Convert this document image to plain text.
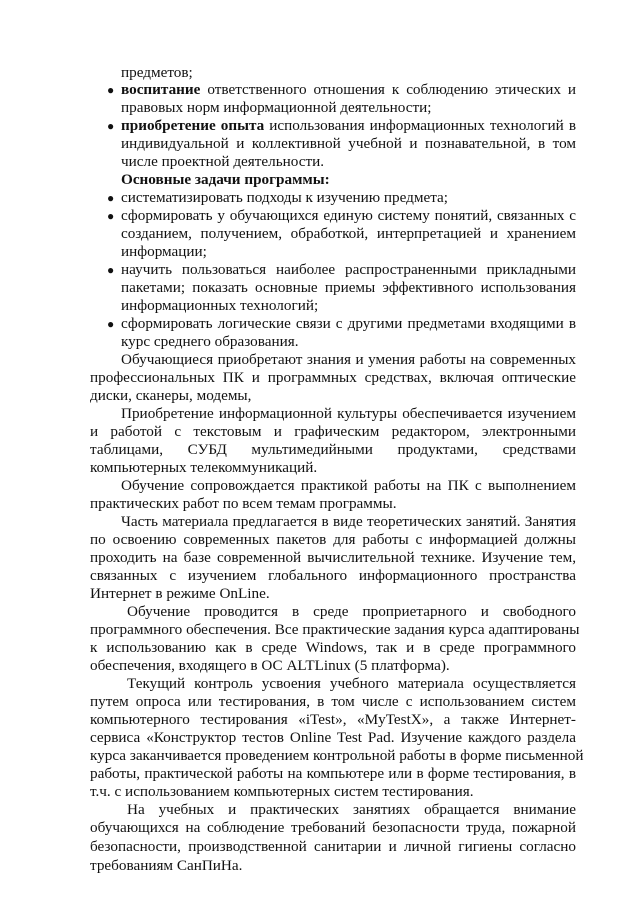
предметов;
● воспитание ответственного отношения к соблюдению этических и
правовых норм информационной деятельности;
● приобретение опыта использования информационных технологий в
индивидуальной и коллективной учебной и познавательной, в том
числе проектной деятельности.
Основные задачи программы:
● систематизировать подходы к изучению предмета;
● сформировать у обучающихся единую систему понятий, связанных с
созданием, получением, обработкой, интерпретацией и хранением
информации;
● научить пользоваться наиболее распространенными прикладными
пакетами; показать основные приемы эффективного использования
информационных технологий;
● сформировать логические связи с другими предметами входящими в
курс среднего образования.
Обучающиеся приобретают знания и умения работы на современных
профессиональных ПК и программных средствах, включая оптические
диски, сканеры, модемы,
Приобретение информационной культуры обеспечивается изучением
и работой с текстовым и графическим редактором, электронными
таблицами, СУБД мультимедийными продуктами, средствами
компьютерных телекоммуникаций.
Обучение сопровождается практикой работы на ПК с выполнением
практических работ по всем темам программы.
Часть материала предлагается в виде теоретических занятий. Занятия
по освоению современных пакетов для работы с информацией должны
проходить на базе современной вычислительной технике. Изучение тем,
связанных с изучением глобального информационного пространства
Интернет в режиме OnLine.
Обучение проводится в среде проприетарного и свободного
программного обеспечения. Все практические задания курса адаптированы
к использованию как в среде Windows, так и в среде программного
обеспечения, входящего в ОС ALTLinux (5 платформа).
Текущий контроль усвоения учебного материала осуществляется
путем опроса или тестирования, в том числе с использованием систем
компьютерного тестирования «iTest», «MyTestX», а также Интернет-
сервиса «Конструктор тестов Online Test Pad. Изучение каждого раздела
курса заканчивается проведением контрольной работы в форме письменной
работы, практической работы на компьютере или в форме тестирования, в
т.ч. с использованием компьютерных систем тестирования.
На учебных и практических занятиях обращается внимание
обучающихся на соблюдение требований безопасности труда, пожарной
безопасности, производственной санитарии и личной гигиены согласно
требованиям СанПиНа.
